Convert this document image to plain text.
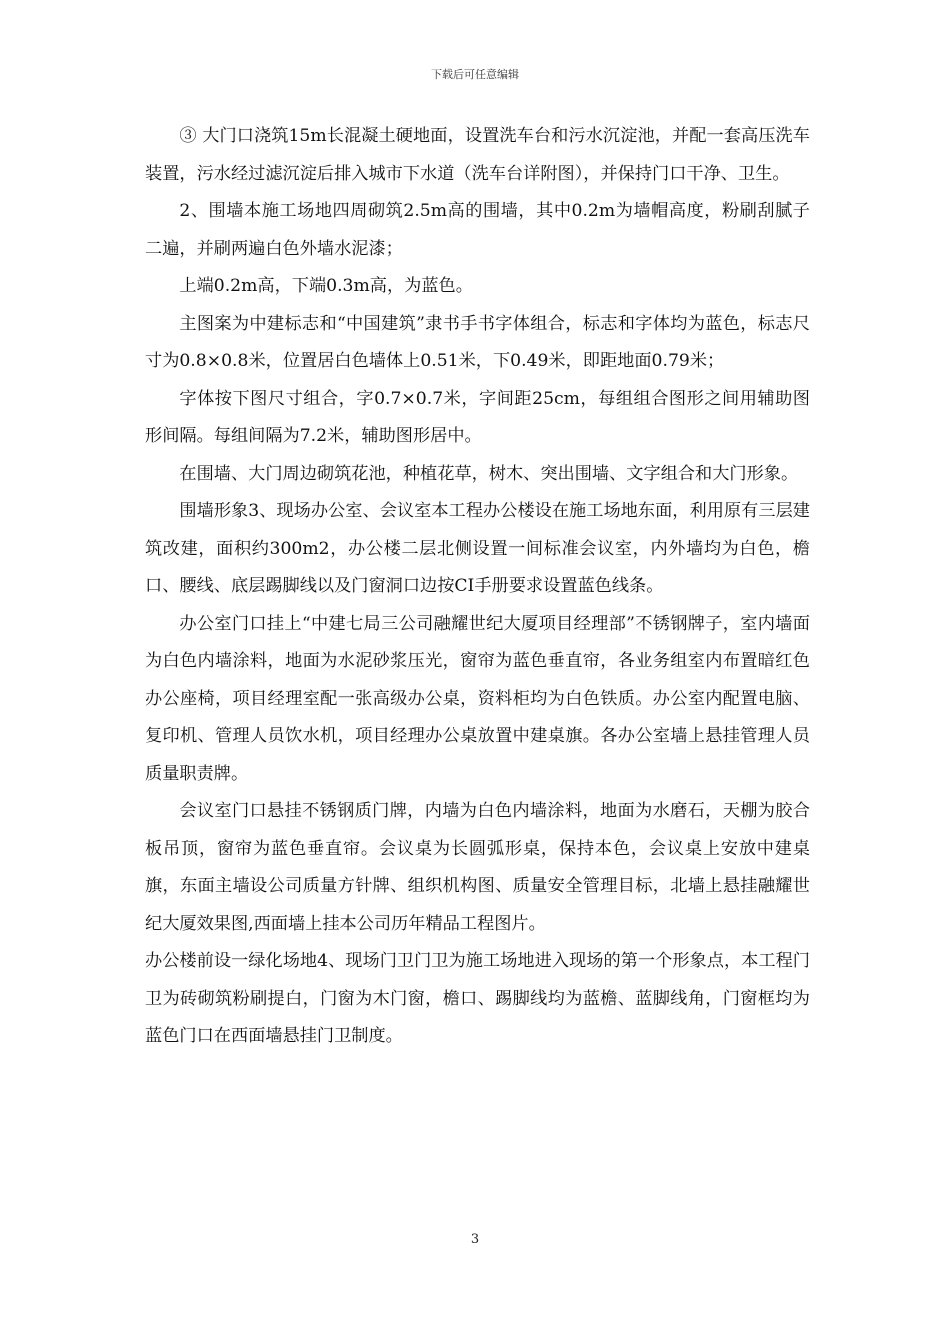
下载后可任意编辑

③ 大门口浇筑15m长混凝土硬地面，设置洗车台和污水沉淀池，并配一套高压洗车装置，污水经过滤沉淀后排入城市下水道（洗车台详附图），并保持门口干净、卫生。

2、围墙本施工场地四周砌筑2.5m高的围墙，其中0.2m为墙帽高度，粉刷刮腻子二遍，并刷两遍白色外墙水泥漆；

上端0.2m高，下端0.3m高，为蓝色。

主图案为中建标志和“中国建筑”隶书手书字体组合，标志和字体均为蓝色，标志尺寸为0.8×0.8米，位置居白色墙体上0.51米，下0.49米，即距地面0.79米；

字体按下图尺寸组合，字0.7×0.7米，字间距25cm，每组组合图形之间用辅助图形间隔。每组间隔为7.2米，辅助图形居中。

在围墙、大门周边砌筑花池，种植花草，树木、突出围墙、文字组合和大门形象。

围墙形象3、现场办公室、会议室本工程办公楼设在施工场地东面，利用原有三层建筑改建，面积约300m2，办公楼二层北侧设置一间标准会议室，内外墙均为白色，檐口、腰线、底层踢脚线以及门窗洞口边按CI手册要求设置蓝色线条。

办公室门口挂上“中建七局三公司融耀世纪大厦项目经理部”不锈钢牌子，室内墙面为白色内墙涂料，地面为水泥砂浆压光，窗帘为蓝色垂直帘，各业务组室内布置暗红色办公座椅，项目经理室配一张高级办公桌，资料柜均为白色铁质。办公室内配置电脑、复印机、管理人员饮水机，项目经理办公桌放置中建桌旗。各办公室墙上悬挂管理人员质量职责牌。

会议室门口悬挂不锈钢质门牌，内墙为白色内墙涂料，地面为水磨石，天棚为胶合板吊顶，窗帘为蓝色垂直帘。会议桌为长圆弧形桌，保持本色，会议桌上安放中建桌旗，东面主墙设公司质量方针牌、组织机构图、质量安全管理目标，北墙上悬挂融耀世纪大厦效果图,西面墙上挂本公司历年精品工程图片。

办公楼前设一绿化场地4、现场门卫门卫为施工场地进入现场的第一个形象点，本工程门卫为砖砌筑粉刷提白，门窗为木门窗，檐口、踢脚线均为蓝檐、蓝脚线角，门窗框均为蓝色门口在西面墙悬挂门卫制度。

3
